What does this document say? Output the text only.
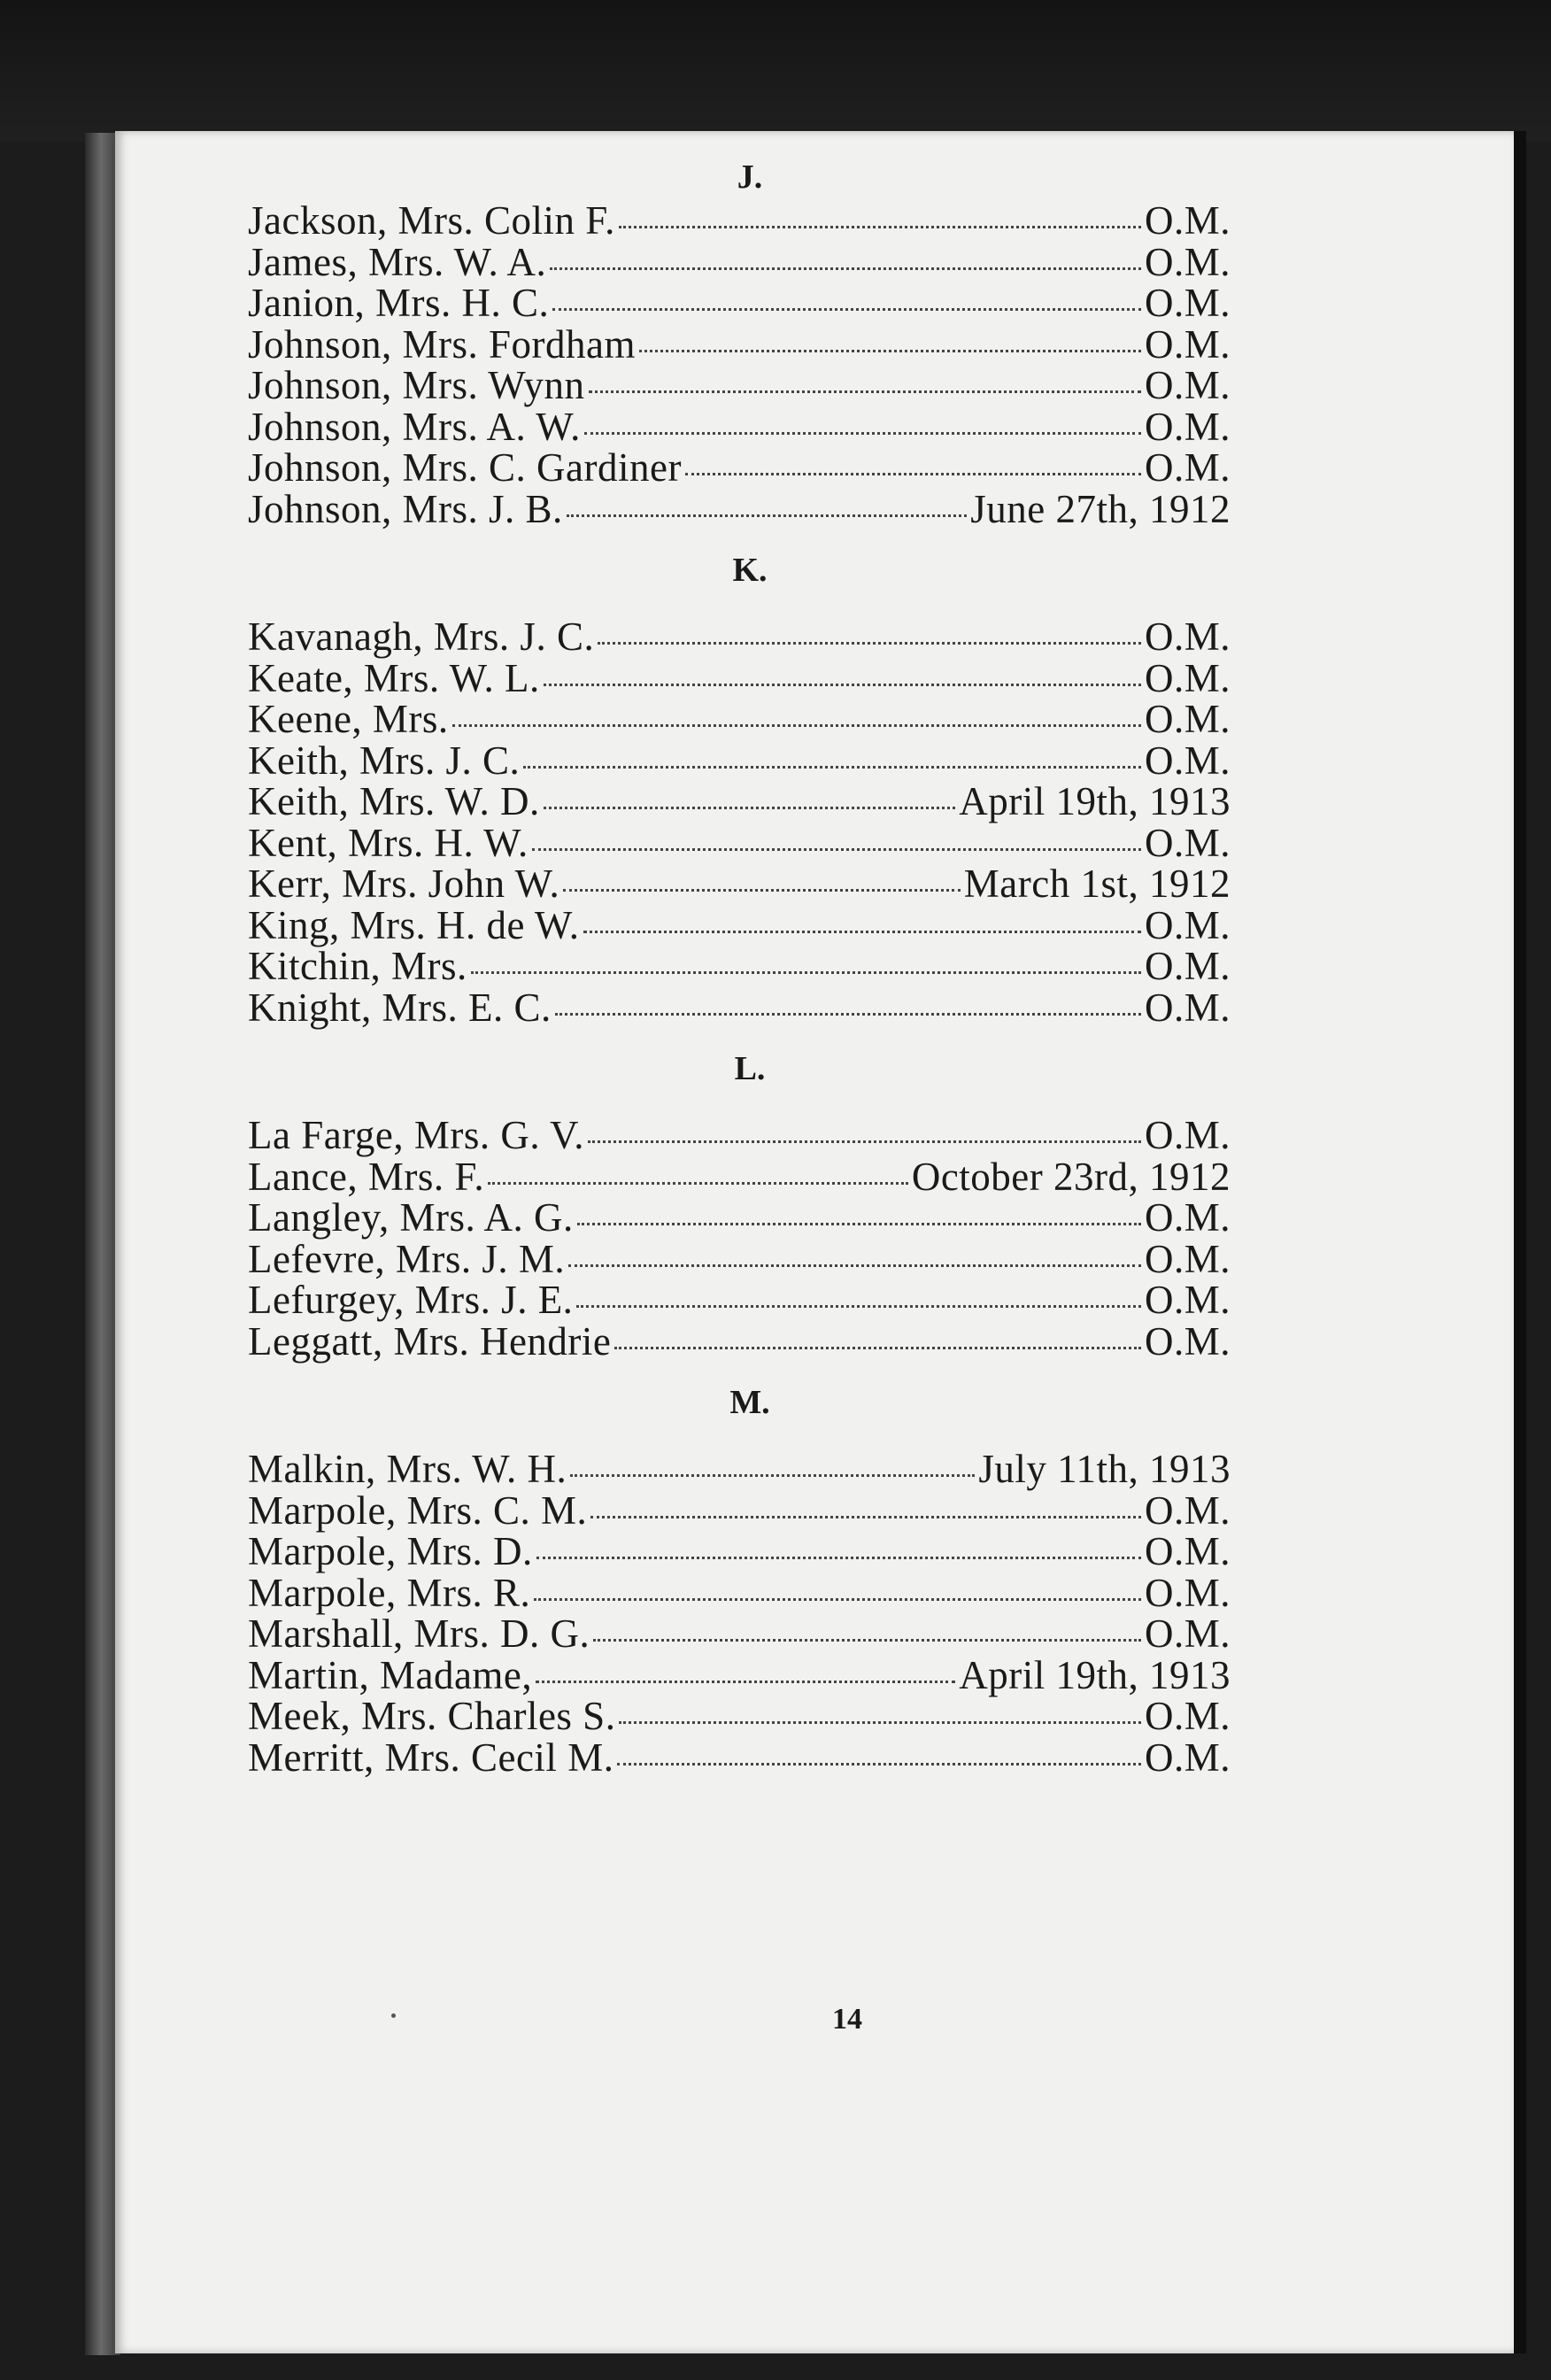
J.
Jackson, Mrs. Colin F.	O.M.
James, Mrs. W. A.	O.M.
Janion, Mrs. H. C.	O.M.
Johnson, Mrs. Fordham	O.M.
Johnson, Mrs. Wynn	O.M.
Johnson, Mrs. A. W.	O.M.
Johnson, Mrs. C. Gardiner	O.M.
Johnson, Mrs. J. B.	June 27th, 1912
K.
Kavanagh, Mrs. J. C.	O.M.
Keate, Mrs. W. L.	O.M.
Keene, Mrs.	O.M.
Keith, Mrs. J. C.	O.M.
Keith, Mrs. W. D.	April 19th, 1913
Kent, Mrs. H. W.	O.M.
Kerr, Mrs. John W.	March 1st, 1912
King, Mrs. H. de W.	O.M.
Kitchin, Mrs.	O.M.
Knight, Mrs. E. C.	O.M.
L.
La Farge, Mrs. G. V.	O.M.
Lance, Mrs. F.	October 23rd, 1912
Langley, Mrs. A. G.	O.M.
Lefevre, Mrs. J. M.	O.M.
Lefurgey, Mrs. J. E.	O.M.
Leggatt, Mrs. Hendrie	O.M.
M.
Malkin, Mrs. W. H.	July 11th, 1913
Marpole, Mrs. C. M.	O.M.
Marpole, Mrs. D.	O.M.
Marpole, Mrs. R.	O.M.
Marshall, Mrs. D. G.	O.M.
Martin, Madame,	April 19th, 1913
Meek, Mrs. Charles S.	O.M.
Merritt, Mrs. Cecil M.	O.M.
14
